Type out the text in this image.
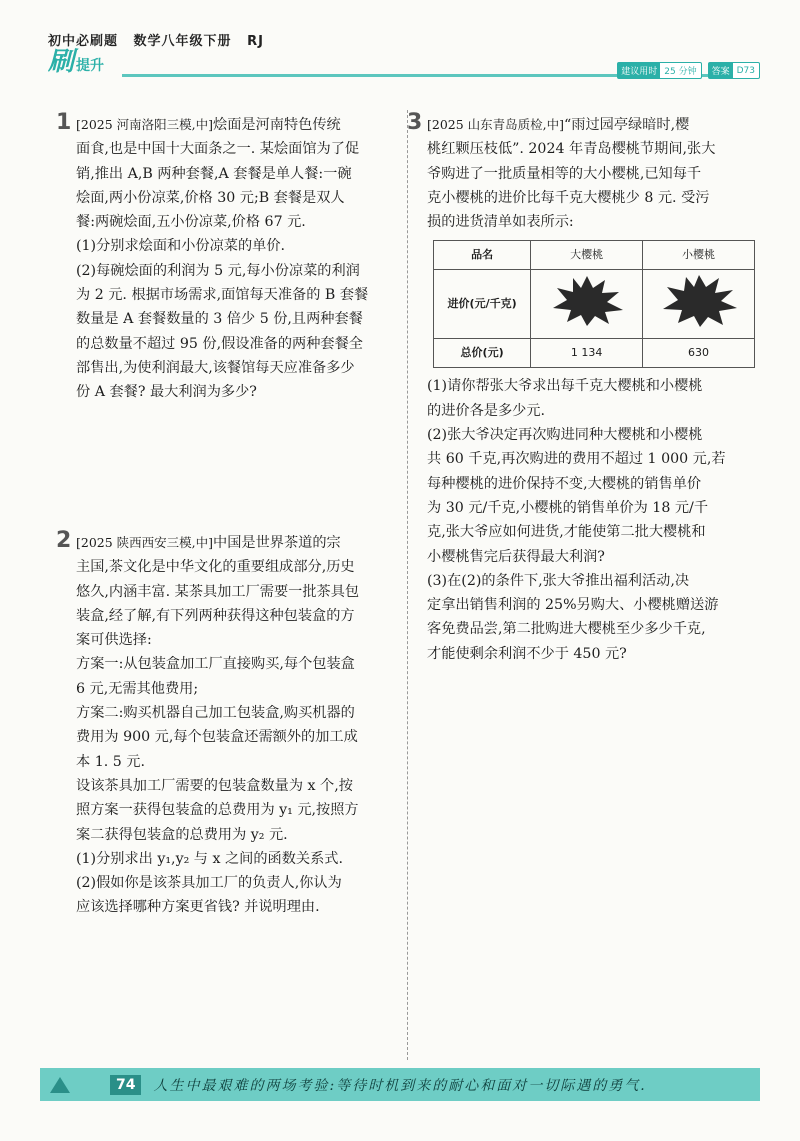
初中必刷题 数学八年级下册 RJ
刷 提升	建议用时 25 分钟	答案 D73
1 [2025 河南洛阳三模,中]烩面是河南特色传统
面食,也是中国十大面条之一. 某烩面馆为了促
销,推出 A,B 两种套餐,A 套餐是单人餐:一碗
烩面,两小份凉菜,价格 30 元;B 套餐是双人
餐:两碗烩面,五小份凉菜,价格 67 元.
(1)分别求烩面和小份凉菜的单价.
(2)每碗烩面的利润为 5 元,每小份凉菜的利润
为 2 元. 根据市场需求,面馆每天准备的 B 套餐
数量是 A 套餐数量的 3 倍少 5 份,且两种套餐
的总数量不超过 95 份,假设准备的两种套餐全
部售出,为使利润最大,该餐馆每天应准备多少
份 A 套餐? 最大利润为多少?
2 [2025 陕西西安三模,中]中国是世界茶道的宗
主国,茶文化是中华文化的重要组成部分,历史
悠久,内涵丰富. 某茶具加工厂需要一批茶具包
装盒,经了解,有下列两种获得这种包装盒的方
案可供选择:
方案一:从包装盒加工厂直接购买,每个包装盒
6 元,无需其他费用;
方案二:购买机器自己加工包装盒,购买机器的
费用为 900 元,每个包装盒还需额外的加工成
本 1. 5 元.
设该茶具加工厂需要的包装盒数量为 x 个,按
照方案一获得包装盒的总费用为 y₁ 元,按照方
案二获得包装盒的总费用为 y₂ 元.
(1)分别求出 y₁,y₂ 与 x 之间的函数关系式.
(2)假如你是该茶具加工厂的负责人,你认为
应该选择哪种方案更省钱? 并说明理由.
3 [2025 山东青岛质检,中]“雨过园亭绿暗时,樱
桃红颗压枝低”. 2024 年青岛樱桃节期间,张大
爷购进了一批质量相等的大小樱桃,已知每千
克小樱桃的进价比每千克大樱桃少 8 元. 受污
损的进货清单如表所示:
品名	大樱桃	小樱桃
进价(元/千克)		
总价(元)	1 134	630
(1)请你帮张大爷求出每千克大樱桃和小樱桃
的进价各是多少元.
(2)张大爷决定再次购进同种大樱桃和小樱桃
共 60 千克,再次购进的费用不超过 1 000 元,若
每种樱桃的进价保持不变,大樱桃的销售单价
为 30 元/千克,小樱桃的销售单价为 18 元/千
克,张大爷应如何进货,才能使第二批大樱桃和
小樱桃售完后获得最大利润?
(3)在(2)的条件下,张大爷推出福利活动,决
定拿出销售利润的 25%另购大、小樱桃赠送游
客免费品尝,第二批购进大樱桃至少多少千克,
才能使剩余利润不少于 450 元?
74	人生中最艰难的两场考验:等待时机到来的耐心和面对一切际遇的勇气.
